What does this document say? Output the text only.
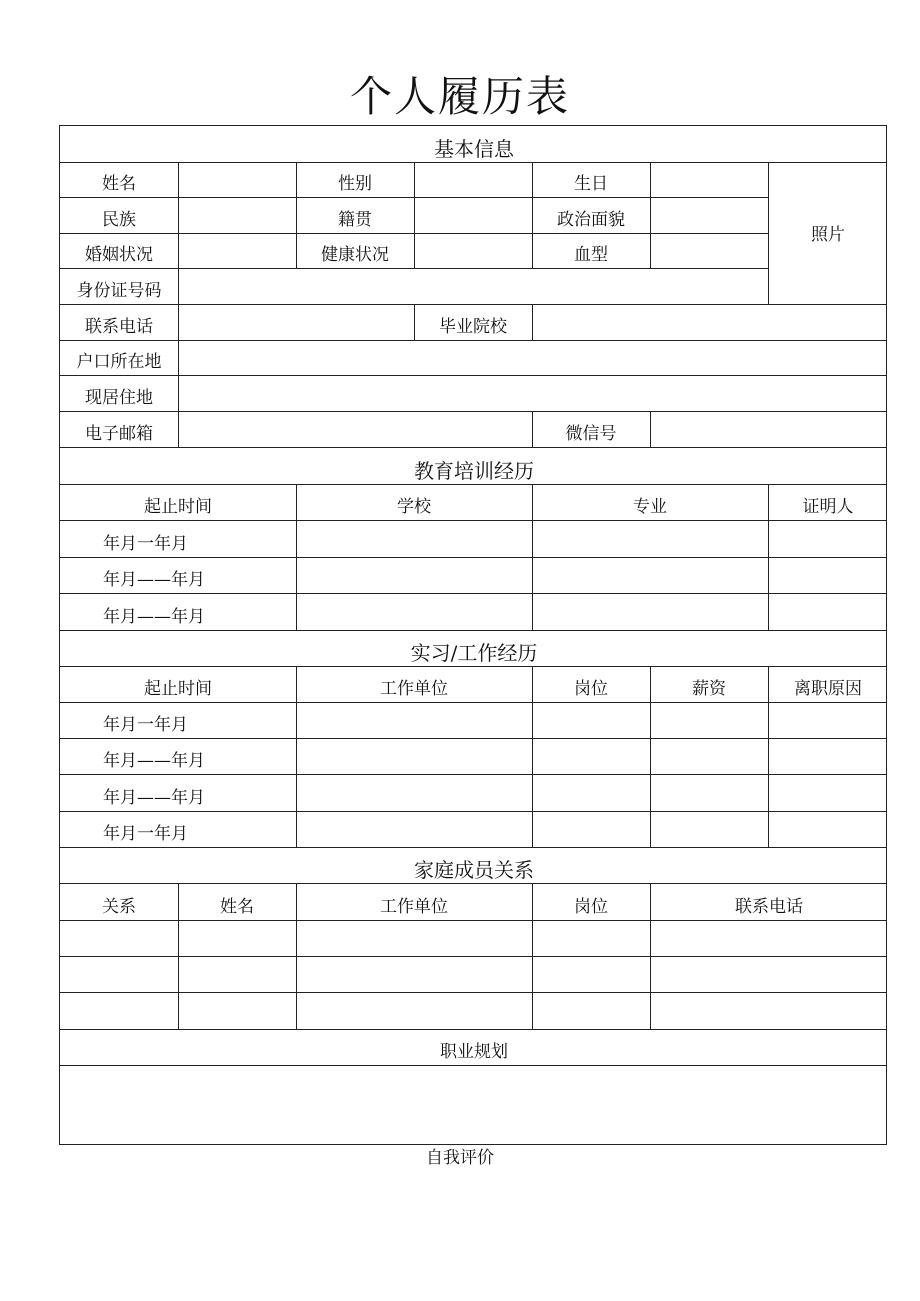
个人履历表
基本信息
教育培训经历
实习/工作经历
家庭成员关系
职业规划
姓名	性别	生日
照片
民族	籍贯	政治面貌
婚姻状况	健康状况	血型
身份证号码
联系电话	毕业院校
户口所在地
现居住地
电子邮箱	微信号
起止时间	学校	专业	证明人
年月一年月
年月——年月
年月——年月
起止时间	工作单位	岗位	薪资	离职原因
年月一年月
年月——年月
年月——年月
年月一年月
关系	姓名	工作单位	岗位	联系电话
自我评价
